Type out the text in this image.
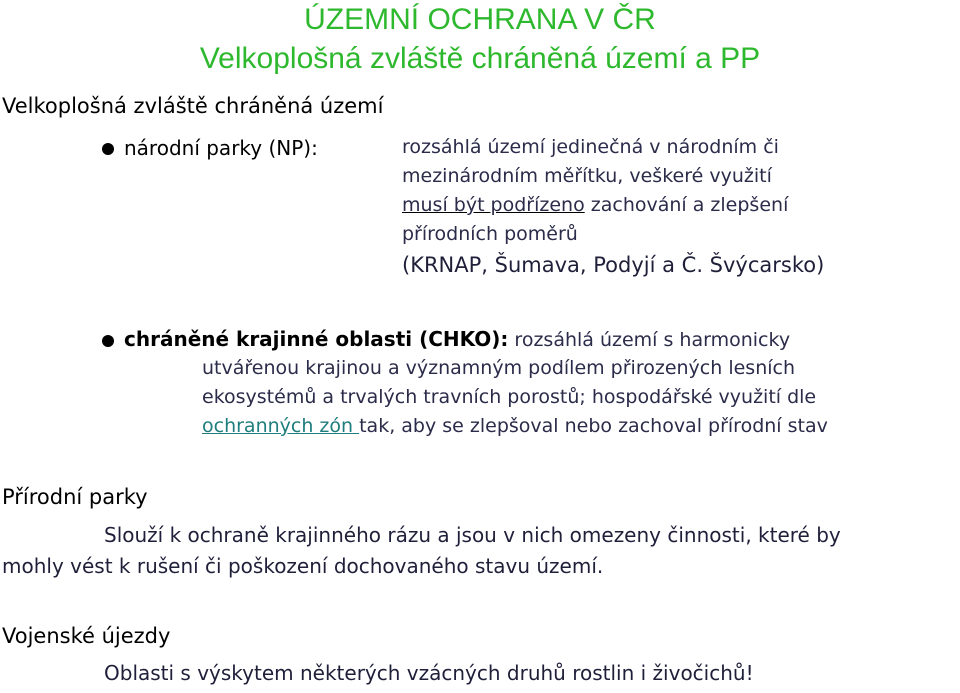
ÚZEMNÍ OCHRANA V ČR
Velkoplošná zvláště chráněná území a PP
Velkoplošná zvláště chráněná území
národní parky (NP):	rozsáhlá území jedinečná v národním či
mezinárodním měřítku, veškeré využití
musí být podřízeno zachování a zlepšení
přírodních poměrů
(KRNAP, Šumava, Podyjí a Č. Švýcarsko)
chráněné krajinné oblasti (CHKO): rozsáhlá území s harmonicky
utvářenou krajinou a významným podílem přirozených lesních
ekosystémů a trvalých travních porostů; hospodářské využití dle
ochranných zón tak, aby se zlepšoval nebo zachoval přírodní stav
Přírodní parky
Slouží k ochraně krajinného rázu a jsou v nich omezeny činnosti, které by
mohly vést k rušení či poškození dochovaného stavu území.
Vojenské újezdy
Oblasti s výskytem některých vzácných druhů rostlin i živočichů!
